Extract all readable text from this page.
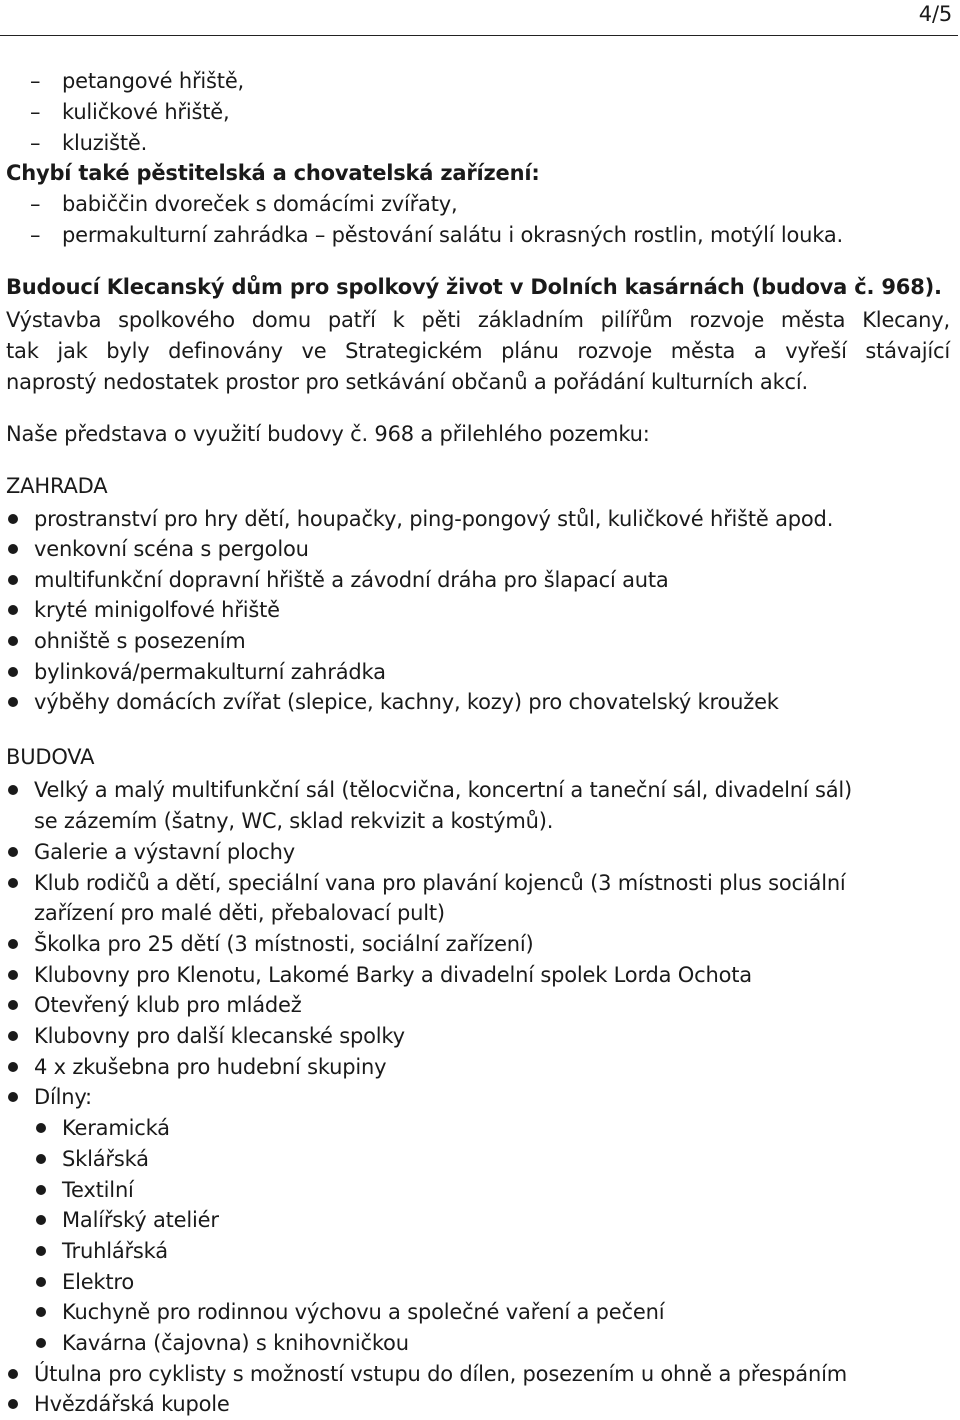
4/5
–	petangové hřiště,
–	kuličkové hřiště,
–	kluziště.
Chybí také pěstitelská a chovatelská zařízení:
–	babiččin dvoreček s domácími zvířaty,
–	permakulturní zahrádka – pěstování salátu i okrasných rostlin, motýlí louka.
Budoucí Klecanský dům pro spolkový život v Dolních kasárnách (budova č. 968).
Výstavba spolkového domu patří k pěti základním pilířům rozvoje města Klecany,
tak jak byly definovány ve Strategickém plánu rozvoje města a vyřeší stávající
naprostý nedostatek prostor pro setkávání občanů a pořádání kulturních akcí.
Naše představa o využití budovy č. 968 a přilehlého pozemku:
ZAHRADA
prostranství pro hry dětí, houpačky, ping-pongový stůl, kuličkové hřiště apod.
venkovní scéna s pergolou
multifunkční dopravní hřiště a závodní dráha pro šlapací auta
kryté minigolfové hřiště
ohniště s posezením
bylinková/permakulturní zahrádka
výběhy domácích zvířat (slepice, kachny, kozy) pro chovatelský kroužek
BUDOVA
Velký a malý multifunkční sál (tělocvična, koncertní a taneční sál, divadelní sál)
se zázemím (šatny, WC, sklad rekvizit a kostýmů).
Galerie a výstavní plochy
Klub rodičů a dětí, speciální vana pro plavání kojenců (3 místnosti plus sociální
zařízení pro malé děti, přebalovací pult)
Školka pro 25 dětí (3 místnosti, sociální zařízení)
Klubovny pro Klenotu, Lakomé Barky a divadelní spolek Lorda Ochota
Otevřený klub pro mládež
Klubovny pro další klecanské spolky
4 x zkušebna pro hudební skupiny
Dílny:
Keramická
Sklářská
Textilní
Malířský ateliér
Truhlářská
Elektro
Kuchyně pro rodinnou výchovu a společné vaření a pečení
Kavárna (čajovna) s knihovničkou
Útulna pro cyklisty s možností vstupu do dílen, posezením u ohně a přespáním
Hvězdářská kupole
